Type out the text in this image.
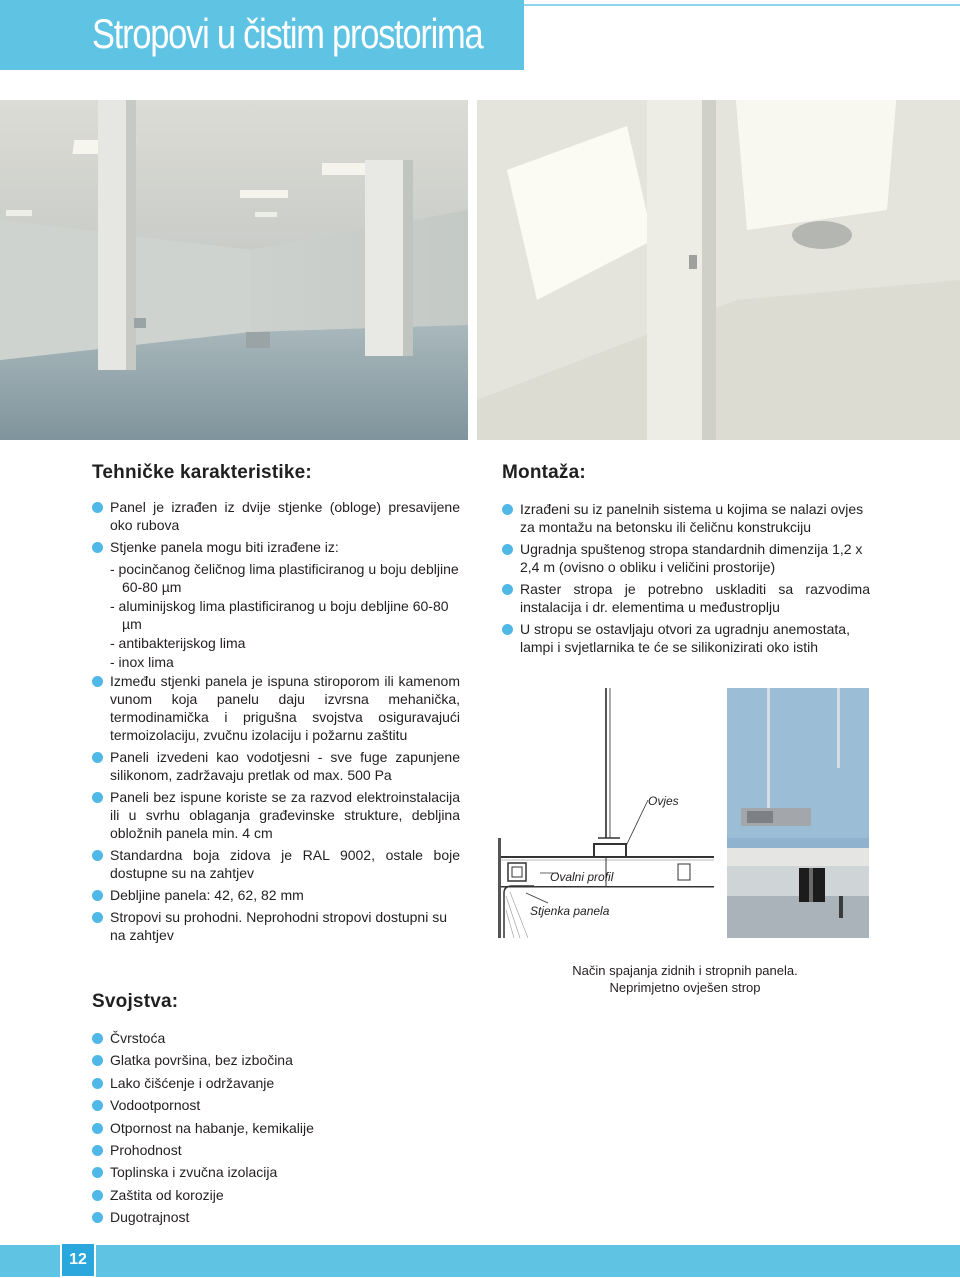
Stropovi u čistim prostorima
Tehničke karakteristike:
Panel je izrađen iz dvije stjenke (obloge) presavijene oko rubova
Stjenke panela mogu biti izrađene iz:
- pocinčanog čeličnog lima plastificiranog u boju debljine 60-80 µm
- aluminijskog lima plastificiranog u boju debljine 60-80 µm
- antibakterijskog lima
- inox lima
Između stjenki panela je ispuna stiroporom ili kamenom vunom koja panelu daju izvrsna mehanička, termodinamička i prigušna svojstva osiguravajući termoizolaciju, zvučnu izolaciju i požarnu zaštitu
Paneli izvedeni kao vodotjesni - sve fuge zapunjene silikonom, zadržavaju pretlak od max. 500 Pa
Paneli bez ispune koriste se za razvod elektroinstalacija ili u svrhu oblaganja građevinske strukture, debljina obložnih panela min. 4 cm
Standardna boja zidova je RAL 9002, ostale boje dostupne su na zahtjev
Debljine panela: 42, 62, 82 mm
Stropovi su prohodni. Neprohodni stropovi dostupni su na zahtjev
Montaža:
Izrađeni su iz panelnih sistema u kojima se nalazi ovjes za montažu na betonsku ili čeličnu konstrukciju
Ugradnja spuštenog stropa standardnih dimenzija 1,2 x 2,4 m (ovisno o obliku i veličini prostorije)
Raster stropa je potrebno uskladiti sa razvodima instalacija i dr. elementima u međustroplju
U stropu se ostavljaju otvori za ugradnju anemostata, lampi i svjetlarnika te će se silikonizirati oko istih
Ovjes
Ovalni profil
Stjenka panela
Način spajanja zidnih i stropnih panela.
Neprimjetno ovješen strop
Svojstva:
Čvrstoća
Glatka površina, bez izbočina
Lako čišćenje i održavanje
Vodootpornost
Otpornost na habanje, kemikalije
Prohodnost
Toplinska i zvučna izolacija
Zaštita od korozije
Dugotrajnost
12
